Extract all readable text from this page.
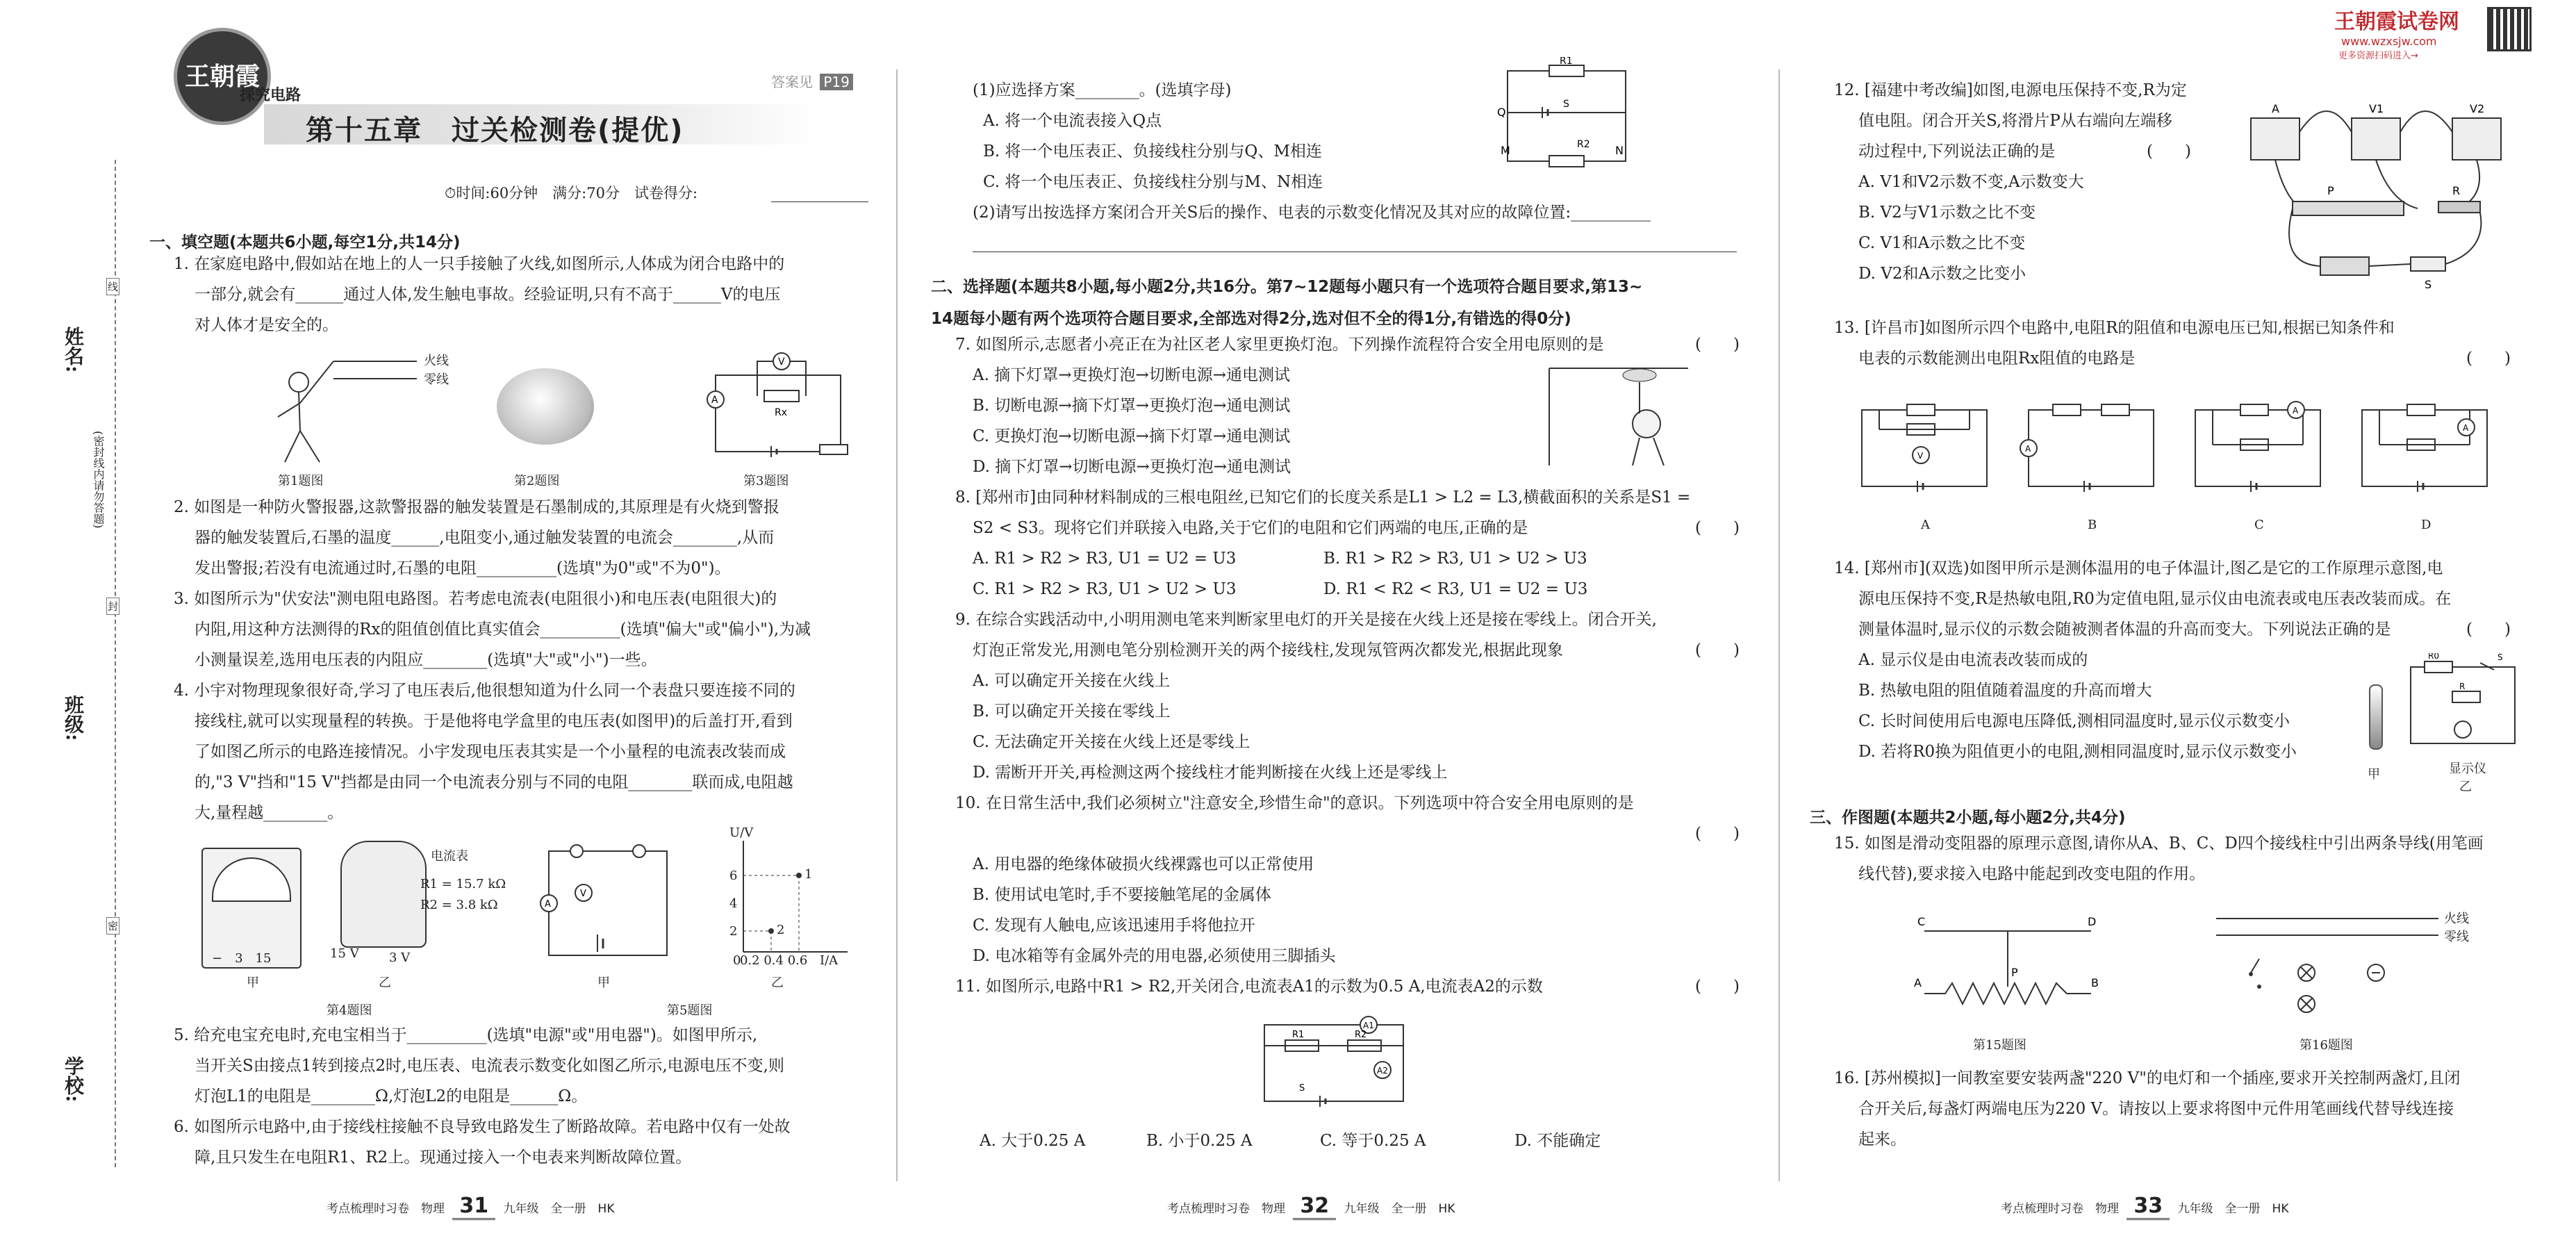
王朝霞试卷网
www.wzxsjw.com
更多资源扫码进入→
姓名:
班级:
学校:
(密封线内请勿答题)
线
封
密
王朝霞
探究电路
答案见 P19
第十五章　过关检测卷(提优)
⏱时间:60分钟　满分:70分　试卷得分:
一、填空题(本题共6小题,每空1分,共14分)
1. 在家庭电路中,假如站在地上的人一只手接触了火线,如图所示,人体成为闭合电路中的
一部分,就会有______通过人体,发生触电事故。经验证明,只有不高于______V的电压
对人体才是安全的。
火线
零线
第1题图	第2题图
A
Rx
V
第3题图
2. 如图是一种防火警报器,这款警报器的触发装置是石墨制成的,其原理是有火烧到警报
器的触发装置后,石墨的温度______,电阻变小,通过触发装置的电流会________,从而
发出警报;若没有电流通过时,石墨的电阻__________(选填"为0"或"不为0")。
3. 如图所示为"伏安法"测电阻电路图。若考虑电流表(电阻很小)和电压表(电阻很大)的
内阻,用这种方法测得的Rx的阻值创值比真实值会__________(选填"偏大"或"偏小"),为减
小测量误差,选用电压表的内阻应________(选填"大"或"小")一些。
4. 小宇对物理现象很好奇,学习了电压表后,他很想知道为什么同一个表盘只要连接不同的
接线柱,就可以实现量程的转换。于是他将电学盒里的电压表(如图甲)的后盖打开,看到
了如图乙所示的电路连接情况。小宇发现电压表其实是一个小量程的电流表改装而成
的,"3 V"挡和"15 V"挡都是由同一个电流表分别与不同的电阻________联而成,电阻越
大,量程越________。
−　3　15
电流表
R1 = 15.7 kΩ
R2 = 3.8 kΩ
15 V 3 V
甲	乙
第4题图
A
V
U/V
6
4
2
1
2
0.2 0.4 0.6 I/A
0
甲	乙
第5题图
5. 给充电宝充电时,充电宝相当于__________(选填"电源"或"用电器")。如图甲所示,
当开关S由接点1转到接点2时,电压表、电流表示数变化如图乙所示,电源电压不变,则
灯泡L1的电阻是________Ω,灯泡L2的电阻是______Ω。
6. 如图所示电路中,由于接线柱接触不良导致电路发生了断路故障。若电路中仅有一处故
障,且只发生在电阻R1、R2上。现通过接入一个电表来判断故障位置。
(1)应选择方案________。(选填字母)
A. 将一个电流表接入Q点
B. 将一个电压表正、负接线柱分别与Q、M相连
C. 将一个电压表正、负接线柱分别与M、N相连
(2)请写出按选择方案闭合开关S后的操作、电表的示数变化情况及其对应的故障位置:__________
Q
M	N
R1
R2
S
二、选择题(本题共8小题,每小题2分,共16分。第7~12题每小题只有一个选项符合题目要求,第13~
14题每小题有两个选项符合题目要求,全部选对得2分,选对但不全的得1分,有错选的得0分)
7. 如图所示,志愿者小亮正在为社区老人家里更换灯泡。下列操作流程符合安全用电原则的是	(　　)
A. 摘下灯罩→更换灯泡→切断电源→通电测试
B. 切断电源→摘下灯罩→更换灯泡→通电测试
C. 更换灯泡→切断电源→摘下灯罩→通电测试
D. 摘下灯罩→切断电源→更换灯泡→通电测试
8. [郑州市]由同种材料制成的三根电阻丝,已知它们的长度关系是L1 > L2 = L3,横截面积的关系是S1 =
S2 < S3。现将它们并联接入电路,关于它们的电阻和它们两端的电压,正确的是	(　　)
A. R1 > R2 > R3, U1 = U2 = U3	B. R1 > R2 > R3, U1 > U2 > U3
C. R1 > R2 > R3, U1 > U2 > U3	D. R1 < R2 < R3, U1 = U2 = U3
9. 在综合实践活动中,小明用测电笔来判断家里电灯的开关是接在火线上还是接在零线上。闭合开关,
灯泡正常发光,用测电笔分别检测开关的两个接线柱,发现氖管两次都发光,根据此现象	(　　)
A. 可以确定开关接在火线上
B. 可以确定开关接在零线上
C. 无法确定开关接在火线上还是零线上
D. 需断开开关,再检测这两个接线柱才能判断接在火线上还是零线上
10. 在日常生活中,我们必须树立"注意安全,珍惜生命"的意识。下列选项中符合安全用电原则的是
(　　)
A. 用电器的绝缘体破损火线裸露也可以正常使用
B. 使用试电笔时,手不要接触笔尾的金属体
C. 发现有人触电,应该迅速用手将他拉开
D. 电冰箱等有金属外壳的用电器,必须使用三脚插头
11. 如图所示,电路中R1 > R2,开关闭合,电流表A1的示数为0.5 A,电流表A2的示数	(　　)
A1
A2
R1	R2
S
A. 大于0.25 A	B. 小于0.25 A	C. 等于0.25 A	D. 不能确定
12. [福建中考改编]如图,电源电压保持不变,R为定
值电阻。闭合开关S,将滑片P从右端向左端移
动过程中,下列说法正确的是	(　　)
A. V1和V2示数不变,A示数变大
B. V2与V1示数之比不变
C. V1和A示数之比不变
D. V2和A示数之比变小
A	V1	V2
P	R
S
13. [许昌市]如图所示四个电路中,电阻R的阻值和电源电压已知,根据已知条件和
电表的示数能测出电阻Rx阻值的电路是	(　　)
V
A
A
A
A	B	C	D
14. [郑州市](双选)如图甲所示是测体温用的电子体温计,图乙是它的工作原理示意图,电
源电压保持不变,R是热敏电阻,R0为定值电阻,显示仪由电流表或电压表改装而成。在
测量体温时,显示仪的示数会随被测者体温的升高而变大。下列说法正确的是	(　　)
A. 显示仪是由电流表改装而成的
B. 热敏电阻的阻值随着温度的升高而增大
C. 长时间使用后电源电压降低,测相同温度时,显示仪示数变小
D. 若将R0换为阻值更小的电阻,测相同温度时,显示仪示数变小
R
R0	S
甲	显示仪
乙
三、作图题(本题共2小题,每小题2分,共4分)
15. 如图是滑动变阻器的原理示意图,请你从A、B、C、D四个接线柱中引出两条导线(用笔画
线代替),要求接入电路中能起到改变电阻的作用。
C	D
A	B
P
第15题图
火线
零线
第16题图
16. [苏州模拟]一间教室要安装两盏"220 V"的电灯和一个插座,要求开关控制两盏灯,且闭
合开关后,每盏灯两端电压为220 V。请按以上要求将图中元件用笔画线代替导线连接
起来。
考点梳理时习卷　物理 31 九年级　全一册　HK	考点梳理时习卷　物理 32 九年级　全一册　HK	考点梳理时习卷　物理 33 九年级　全一册　HK
